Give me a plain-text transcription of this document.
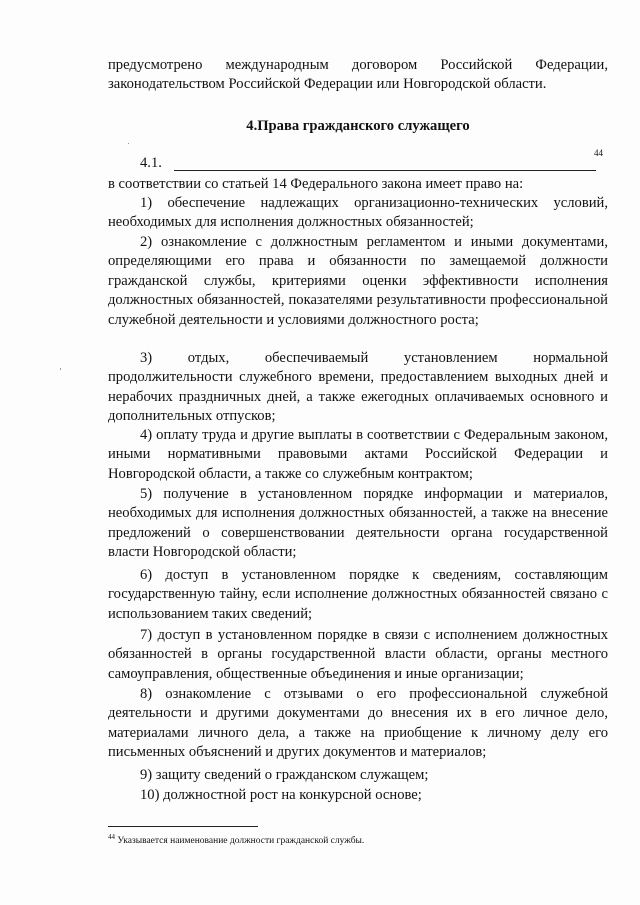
предусмотрено международным договором Российской Федерации, законодательством Российской Федерации или Новгородской области.
4.Права гражданского служащего
44
4.1.
в соответствии со статьей 14 Федерального закона имеет право на:
1) обеспечение надлежащих организационно-технических условий, необходимых для исполнения должностных обязанностей;
2) ознакомление с должностным регламентом и иными документами, определяющими его права и обязанности по замещаемой должности гражданской службы, критериями оценки эффективности исполнения должностных обязанностей, показателями результативности профессиональной служебной деятельности и условиями должностного роста;
3) отдых, обеспечиваемый установлением нормальной продолжительности служебного времени, предоставлением выходных дней и нерабочих праздничных дней, а также ежегодных оплачиваемых основного и дополнительных отпусков;
4) оплату труда и другие выплаты в соответствии с Федеральным законом, иными нормативными правовыми актами Российской Федерации и Новгородской области, а также со служебным контрактом;
5) получение в установленном порядке информации и материалов, необходимых для исполнения должностных обязанностей, а также на внесение предложений о совершенствовании деятельности органа государственной власти Новгородской области;
6) доступ в установленном порядке к сведениям, составляющим государственную тайну, если исполнение должностных обязанностей связано с использованием таких сведений;
7) доступ в установленном порядке в связи с исполнением должностных обязанностей в органы государственной власти области, органы местного самоуправления, общественные объединения и иные организации;
8) ознакомление с отзывами о его профессиональной служебной деятельности и другими документами до внесения их в его личное дело, материалами личного дела, а также на приобщение к личному делу его письменных объяснений и других документов и материалов;
9) защиту сведений о гражданском служащем;
10) должностной рост на конкурсной основе;
$^{44}$ Указывается наименование должности гражданской службы.
